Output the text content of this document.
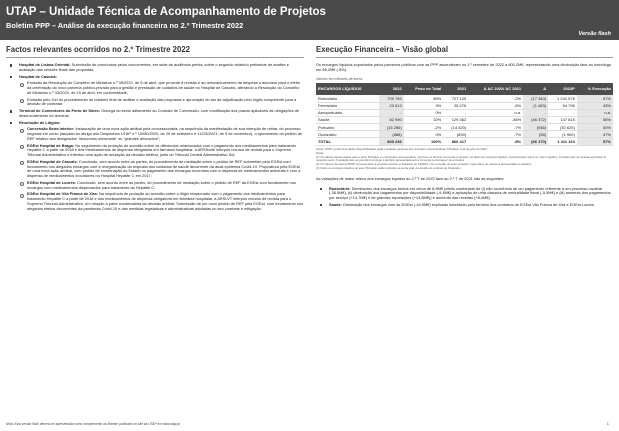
UTAP – Unidade Técnica de Acompanhamento de Projetos
Boletim PPP – Análise da execução financeira no 2.º Trimestre 2022
Versão flash
Factos relevantes ocorridos no 2.º Trimestre 2022
Hospital de Lisboa Oriental: Submissão de pronúncias pelos concorrentes, em sede de audiência prévia, sobre o segundo relatório preliminar de análise e avaliação das versões finais das propostas.
Hospital de Cascais:
Emissão da Resolução do Conselho de Ministros n.º 39/2022, de 5 de abril, que procede à revisão e ao reescalonamento da despesa a autorizar para o efeito da celebração do novo parceria público-privada para a gestão e prestação de cuidados de saúde no Hospital de Cascais, alterando a Resolução do Conselho de Ministros n.º 33/2020, de 15 de abril, em conformidade;
Emissão pelo Júri do procedimento do relatório final de análise e avaliação das propostas e aprovação do ato de adjudicação pelo órgão competente para a decisão de contratar.
Terminal de Contentores do Porto de Sines: Outorga do sexto aditamento ao Contrato de Concessão, com modificação dos prazos aplicáveis às obrigações de desenvolvimento do terminal.
Resolução de Litígios:
Concessão Beira Interior: Instauração de uma nova ação arbitral pela concessionária, na sequência da manifestação de sua intenção de retirar, do processo negocial em curso (lançado ao abrigo dos Despachos UTAP n.º 10080/2020, de 29 de setembro e 11225/2021, de 5 de novembro), o apuramento do pedido de REF relativo aos designados "descontos universais" ou "grandes descontos";
EGEst Hospital de Braga: No seguimento da prolação do acórdão sobre os diferendos relacionados com o pagamento dos medicamentos para tratamento Hepatite C a partir de 2018 e dos medicamentos de dispensa obrigatória em farmácia hospitalar, a ARSNorte interpôs recurso de revista para o Supremo Tribunal Administrativo e intentou uma ação de anulação da decisão arbitral, junto do Tribunal Central Administrativo Sul;
EGEst Hospital de Cascais: Conclusão, sem acordo entre as partes, do procedimento de mediação sobre o pedido de REF submetido pela EGEst com fundamento nos alegados encargos com a reorganização da resposta dos cuidados de saúde decorrente da atual epidemia Covid-19. Propositura pela EGEst de uma nova ação arbitral, com pedido de condenação do Estado no pagamento dos encargos incorridos com a dispensa de medicamentos antivirais e com a dispensa de medicamentos inovadores no Hospital Hepatite C em 2017;
EGEst Hospital de Loures: Conclusão, sem acordo entre as partes, do procedimento de mediação sobre o pedido de REF da EGEst com fundamento nos encargos com medicamentos dispensados para tratamento da Hepatite C;
EGEst Hospital de Vila Franca de Xira: Na sequência de prolação do acórdão sobre o litígio relacionado com o pagamento dos medicamentos para tratamento Hepatite C a partir de 2018 e dos medicamentos de dispensa obrigatória em farmácia hospitalar, a ARSLVT interpôs recurso de revista para o Supremo Tribunal Administrativo, em relação à parte condenatória da decisão arbitral; Submissão de um novo pedido de REF pela EGEst, com fundamento nos alegados efeitos decorrentes da pandemia Covid-19 e das medidas legislativas e administrativas adotadas no seu combate e mitigação.
Execução Financeira – Visão global

Os encargos líquidos suportados pelos parceiros públicos com as PPP ascenderam no 1.º semestre de 2022 a 800,2M€, representando uma diminuição face ao homólogo em 66,2M€ (-8%).

Valores em milhares de euros
ENCARGOS LÍQUIDOS	2022	Peso no Total	2021	Δ AC 2022/ AC 2021	Δ	2022P	% Execução
Rodoviário	709 789	89%	727 129	-2%	(17 340)	1 241 078	57%
Ferroviário	23 613	3%	25 076	-6%	(1 463)	54 796	43%
Aeroportuário	-	0%	-	n.a.	-	-	n.a.
Saúde	82 990	10%	129 362	-36%	(46 372)	147 815	56%
Portuário	(15 256)	-2%	(14 320)	-7%	(936)	(30 625)	50%
Oceanário	(888)	0%	(830)	-7%	(58)	(1 900)	47%
TOTAL	800 246	100%	866 417	-8%	(66 170)	1 411 163	57%

Fonte: UTAP, a partir dos dados disponibilizados pelas entidades gestoras dos contratos e da Autoridade Tributária, a 20 de julho de 2022.

Notas:

(1) Os valores apresentados para o setor Portuário e o Oceanário correspondem, tal como no domínio do presente Quadro, às fases de encargos líquidos, representando antes um valor negativo; considerando as receitas apuradas no respetivo setor. A variação face ao período homólogo é também apresentada sob a forma de percentagem de encargos.

(2) Os valores da coluna 2022P correspondem à previsão inscrita no Relatório do OE2022, com exceção do setor portuário, cuja ordem de valores é apresentada no relatório.

(3) Todos os encargos líquidos do setor Portuário estão incluídos na soma total, à exceção do contrato do Oceanário.

As variações de maior relevo dos encargos líquidos do 2.º T de 2022 face ao 2.º T de 2021 são as seguintes:

Rodoviário: Decréscimo dos encargos brutos em cerca de 8,9M€ (efeito combinado de (i) não ocorrência de um pagamento referente a um processo cautelar (-36,9M€), (ii) diminuição dos pagamentos por disponibilidade (-9,4M€) e aplicação de uma cláusula de neutralidade fiscal (-5,5M€) e (iii) aumento dos pagamentos por serviço (+14,7M€) e de grandes reparações (+14,8M€)) e aumento das receitas (+8,4M€).
Saúde: Diminuição dos encargos com as EGEst (-44,9M€) explicado sobretudo pelo termino dos contratos de EGEst Vila Franca de Xira e EGEst Loures.
Nota: Esta versão flash deverá ser apresentada como complemento ao Boletim publicado no site da UTAP em www.utap.pt	1
